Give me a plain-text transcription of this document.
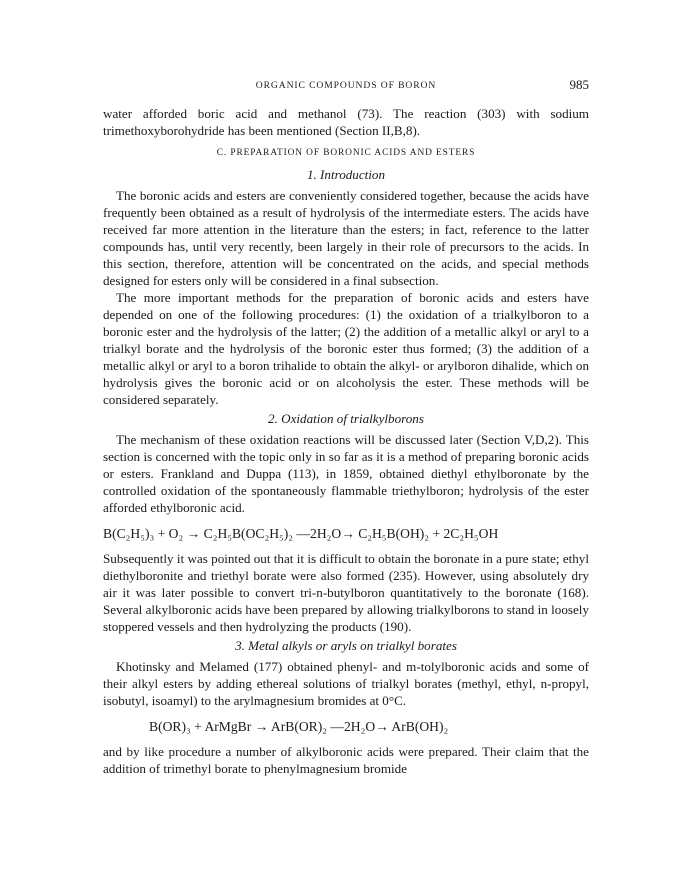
ORGANIC COMPOUNDS OF BORON	985

water afforded boric acid and methanol (73). The reaction (303) with sodium trimethoxyborohydride has been mentioned (Section II,B,8).

C. PREPARATION OF BORONIC ACIDS AND ESTERS
1. Introduction

The boronic acids and esters are conveniently considered together, because the acids have frequently been obtained as a result of hydrolysis of the intermediate esters. The acids have received far more attention in the literature than the esters; in fact, reference to the latter compounds has, until very recently, been largely in their role of precursors to the acids. In this section, therefore, attention will be concentrated on the acids, and special methods designed for esters only will be considered in a final subsection.

The more important methods for the preparation of boronic acids and esters have depended on one of the following procedures: (1) the oxidation of a trialkylboron to a boronic ester and the hydrolysis of the latter; (2) the addition of a metallic alkyl or aryl to a trialkyl borate and the hydrolysis of the boronic ester thus formed; (3) the addition of a metallic alkyl or aryl to a boron trihalide to obtain the alkyl- or arylboron dihalide, which on hydrolysis gives the boronic acid or on alcoholysis the ester. These methods will be considered separately.

2. Oxidation of trialkylborons

The mechanism of these oxidation reactions will be discussed later (Section V,D,2). This section is concerned with the topic only in so far as it is a method of preparing boronic acids or esters. Frankland and Duppa (113), in 1859, obtained diethyl ethylboronate by the controlled oxidation of the spontaneously flammable triethylboron; hydrolysis of the ester afforded ethylboronic acid.

B(C₂H₅)₃ + O₂ → C₂H₅B(OC₂H₅)₂ —2H₂O→ C₂H₅B(OH)₂ + 2C₂H₅OH

Subsequently it was pointed out that it is difficult to obtain the boronate in a pure state; ethyl diethylboronite and triethyl borate were also formed (235). However, using absolutely dry air it was later possible to convert tri-n-butylboron quantitatively to the boronate (168). Several alkylboronic acids have been prepared by allowing trialkylborons to stand in loosely stoppered vessels and then hydrolyzing the products (190).

3. Metal alkyls or aryls on trialkyl borates

Khotinsky and Melamed (177) obtained phenyl- and m-tolylboronic acids and some of their alkyl esters by adding ethereal solutions of trialkyl borates (methyl, ethyl, n-propyl, isobutyl, isoamyl) to the arylmagnesium bromides at 0°C.

B(OR)₃ + ArMgBr → ArB(OR)₂ —2H₂O→ ArB(OH)₂

and by like procedure a number of alkylboronic acids were prepared. Their claim that the addition of trimethyl borate to phenylmagnesium bromide
